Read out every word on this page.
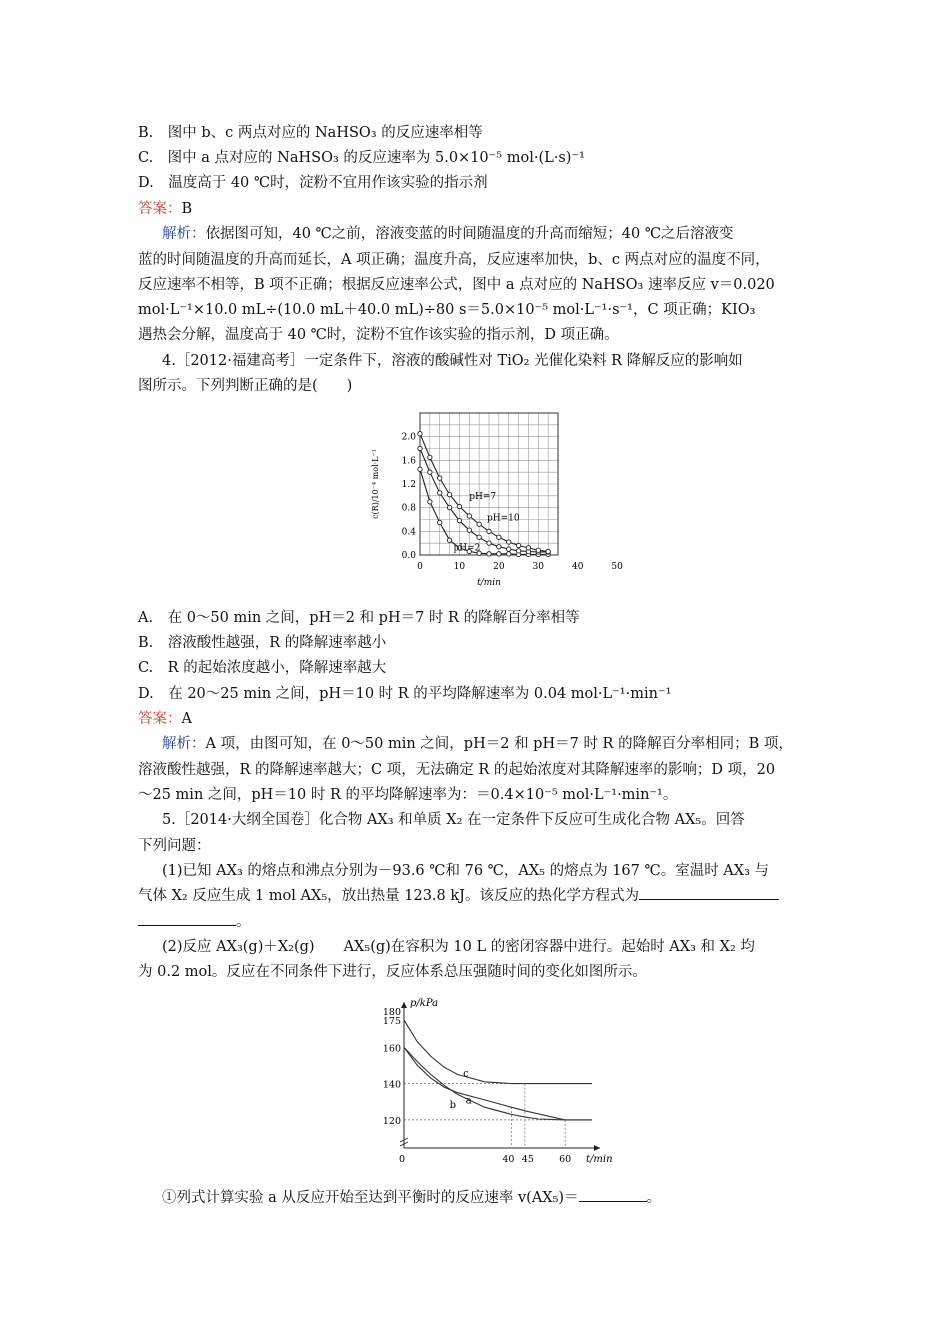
B. 图中 b、c 两点对应的 NaHSO₃ 的反应速率相等
C. 图中 a 点对应的 NaHSO₃ 的反应速率为 5.0×10⁻⁵ mol·(L·s)⁻¹
D. 温度高于 40 ℃时，淀粉不宜用作该实验的指示剂
答案：B
解析：依据图可知，40 ℃之前，溶液变蓝的时间随温度的升高而缩短；40 ℃之后溶液变
蓝的时间随温度的升高而延长，A 项正确；温度升高，反应速率加快，b、c 两点对应的温度不同，
反应速率不相等，B 项不正确；根据反应速率公式，图中 a 点对应的 NaHSO₃ 速率反应 v＝0.020
mol·L⁻¹×10.0 mL÷(10.0 mL＋40.0 mL)÷80 s＝5.0×10⁻⁵ mol·L⁻¹·s⁻¹，C 项正确；KIO₃
遇热会分解，温度高于 40 ℃时，淀粉不宜作该实验的指示剂，D 项正确。
4.［2012·福建高考］一定条件下，溶液的酸碱性对 TiO₂ 光催化染料 R 降解反应的影响如
图所示。下列判断正确的是(  )
0.0
0.4
0.8
1.2
1.6
2.0
0	10	20	30	40	50
t/min
c(R)/10⁻⁴ mol·L⁻¹
pH=2
pH=7
pH=10
A. 在 0～50 min 之间，pH＝2 和 pH＝7 时 R 的降解百分率相等
B. 溶液酸性越强，R 的降解速率越小
C. R 的起始浓度越小，降解速率越大
D. 在 20～25 min 之间，pH＝10 时 R 的平均降解速率为 0.04 mol·L⁻¹·min⁻¹
答案：A
解析：A 项，由图可知，在 0～50 min 之间，pH＝2 和 pH＝7 时 R 的降解百分率相同；B 项，
溶液酸性越强，R 的降解速率越大；C 项，无法确定 R 的起始浓度对其降解速率的影响；D 项，20
～25 min 之间，pH＝10 时 R 的平均降解速率为：＝0.4×10⁻⁵ mol·L⁻¹·min⁻¹。
5.［2014·大纲全国卷］化合物 AX₃ 和单质 X₂ 在一定条件下反应可生成化合物 AX₅。回答
下列问题：
(1)已知 AX₃ 的熔点和沸点分别为－93.6 ℃和 76 ℃，AX₅ 的熔点为 167 ℃。室温时 AX₃ 与
气体 X₂ 反应生成 1 mol AX₅，放出热量 123.8 kJ。该反应的热化学方程式为
。
(2)反应 AX₃(g)＋X₂(g)  AX₅(g)在容积为 10 L 的密闭容器中进行。起始时 AX₃ 和 X₂ 均
为 0.2 mol。反应在不同条件下进行，反应体系总压强随时间的变化如图所示。
p/kPa
t/min
120
140
160
175
180
0	40 45	60
a
b
c
①列式计算实验 a 从反应开始至达到平衡时的反应速率 v(AX₅)＝	。
